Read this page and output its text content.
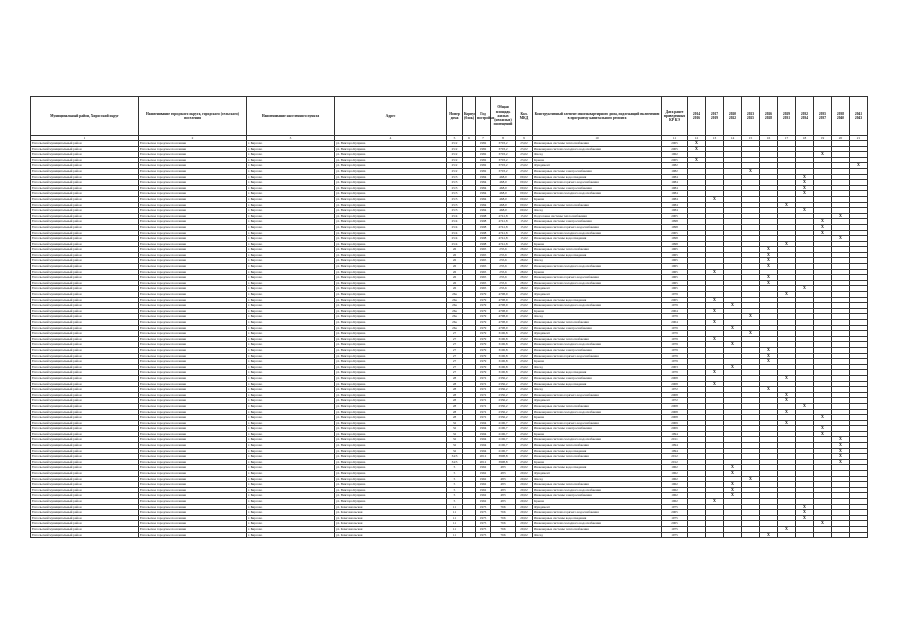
Муниципальный район, Хиросский округ	Наименование городского округа, городского (сельского) поселения	Наименование населенного пункта	Адрес	Номер дома	Корпус (блок)	Год постройки	Общая площадь жилых (нежилых) помещений	Кол. МКД	Конструктивный элемент многоквартирного дома, подлежащий включению в программу капитального ремонта	Дата ранее проведенных КР КЭ	2014 2016	2017 2019	2020 2022	2023 2025	2026 2028	2029 2031	2032 2034	2035 2037	2038 2040	2041 2043
1	2	3	4	5	6	7	8	9	10	11	12	13	14	15	16	17	18	19	20	21
Епсольский муниципальный район	Епсольское городское поселение	г. Бирсово	ул. Виктора Куприна	25/2		1982	3703,2	23,02	Инженерные системы теплоснабжения	2005	X									
Епсольский муниципальный район	Епсольское городское поселение	г. Бирсово	ул. Виктора Куприна	25/2		1982	3703,2	23,02	Инженерная система холодного водоснабжения	2005	X									
Епсольский муниципальный район	Епсольское городское поселение	г. Бирсово	ул. Виктора Куприна	25/2		1982	3703,2	23,02	Фасад	1962								X		
Епсольский муниципальный район	Епсольское городское поселение	г. Бирсово	ул. Виктора Куприна	25/2		1982	3703,2	23,02	Крыша	2005	X									
Епсольский муниципальный район	Епсольское городское поселение	г. Бирсово	ул. Виктора Куприна	25/2		1982	3703,2	23,02	Фундамент	1982										X
Епсольский муниципальный район	Епсольское городское поселение	г. Бирсово	ул. Виктора Куприна	25/2		1982	3703,2	23,02	Инженерные системы электроснабжения	1982				X						
Епсольский муниципальный район	Епсольское городское поселение	г. Бирсово	ул. Виктора Куприна	25/3		1984	468,0	09,02	Инженерные системы водоотведения	1984							X			
Епсольский муниципальный район	Епсольское городское поселение	г. Бирсово	ул. Виктора Куприна	25/3		1984	468,0	09,02	Инженерная система горячего водоснабжения	1984							X			
Епсольский муниципальный район	Епсольское городское поселение	г. Бирсово	ул. Виктора Куприна	25/3		1984	468,0	09,02	Инженерные системы электроснабжения	1984							X			
Епсольский муниципальный район	Епсольское городское поселение	г. Бирсово	ул. Виктора Куприна	25/3		1984	468,0	09,02	Инженерная система холодного водоснабжения	1984							X			
Епсольский муниципальный район	Епсольское городское поселение	г. Бирсово	ул. Виктора Куприна	25/3		1984	468,0	09,02	Крыша	1984		X								
Епсольский муниципальный район	Епсольское городское поселение	г. Бирсово	ул. Виктора Куприна	25/3		1984	468,0	09,02	Инженерные системы теплоснабжения	1984						X				
Епсольский муниципальный район	Епсольское городское поселение	г. Бирсово	ул. Виктора Куприна	25/3		1984	468,0	09,02	Фасад	1984							X			
Епсольский муниципальный район	Епсольское городское поселение	г. Бирсово	ул. Виктора Куприна	25/4		1998	4741,8	15,02	Подготовка системы теплоснабжения	2005									X	
Епсольский муниципальный район	Епсольское городское поселение	г. Бирсово	ул. Виктора Куприна	25/4		1998	4741,8	15,02	Инженерные системы электроснабжения	1998								X		
Епсольский муниципальный район	Епсольское городское поселение	г. Бирсово	ул. Виктора Куприна	25/4		1998	4741,8	15,02	Инженерная система горячего водоснабжения	1998								X		
Епсольский муниципальный район	Епсольское городское поселение	г. Бирсово	ул. Виктора Куприна	25/4		1998	4741,8	15,02	Инженерная система холодного водоснабжения	2005								X		
Епсольский муниципальный район	Епсольское городское поселение	г. Бирсово	ул. Виктора Куприна	25/4		1998	4741,8	15,02	Инженерные системы водоотведения	1998									X	
Епсольский муниципальный район	Епсольское городское поселение	г. Бирсово	ул. Виктора Куприна	25/4		1998	4741,8	15,02	Крыша	1998						X				
Епсольский муниципальный район	Епсольское городское поселение	г. Бирсово	ул. Виктора Куприна	26		1965	235,6	28,02	Инженерные системы теплоснабжения	1965					X					
Епсольский муниципальный район	Епсольское городское поселение	г. Бирсово	ул. Виктора Куприна	26		1965	235,6	28,02	Инженерные системы водоотведения	1965					X					
Епсольский муниципальный район	Епсольское городское поселение	г. Бирсово	ул. Виктора Куприна	26		1965	235,6	28,02	Фасад	1965					X					
Епсольский муниципальный район	Епсольское городское поселение	г. Бирсово	ул. Виктора Куприна	26		1965	235,6	28,02	Инженерная система холодного водоснабжения	1965					X					
Епсольский муниципальный район	Епсольское городское поселение	г. Бирсово	ул. Виктора Куприна	26		1965	235,6	28,02	Крыша	1965		X								
Епсольский муниципальный район	Епсольское городское поселение	г. Бирсово	ул. Виктора Куприна	26		1965	235,6	28,02	Инженерная система горячего водоснабжения	1965					X					
Епсольский муниципальный район	Епсольское городское поселение	г. Бирсово	ул. Виктора Куприна	26		1965	235,6	28,02	Инженерная система холодного водоснабжения	1965					X					
Епсольский муниципальный район	Епсольское городское поселение	г. Бирсово	ул. Виктора Куприна	26		1965	235,6	28,02	Фундамент	1965							X			
Епсольский муниципальный район	Епсольское городское поселение	г. Бирсово	ул. Виктора Куприна	26а		1979	4708,9	23,02	Фундамент	1979						X				
Епсольский муниципальный район	Епсольское городское поселение	г. Бирсово	ул. Виктора Куприна	26а		1979	4708,9	23,02	Инженерные системы водоотведения	2005		X								
Епсольский муниципальный район	Епсольское городское поселение	г. Бирсово	ул. Виктора Куприна	26а		1979	4708,9	23,02	Инженерная система холодного водоснабжения	1979			X							
Епсольский муниципальный район	Епсольское городское поселение	г. Бирсово	ул. Виктора Куприна	26а		1979	4708,9	23,02	Крыша	2004		X								
Епсольский муниципальный район	Епсольское городское поселение	г. Бирсово	ул. Виктора Куприна	26а		1979	4708,9	23,02	Фасад	1979				X						
Епсольский муниципальный район	Епсольское городское поселение	г. Бирсово	ул. Виктора Куприна	26а		1979	4708,9	23,02	Инженерные системы теплоснабжения	2004		X								
Епсольский муниципальный район	Епсольское городское поселение	г. Бирсово	ул. Виктора Куприна	26а		1979	4708,9	23,02	Инженерные системы электроснабжения	1979			X							
Епсольский муниципальный район	Епсольское городское поселение	г. Бирсово	ул. Виктора Куприна	27		1979	3106,8	23,02	Фундамент	1979				X						
Епсольский муниципальный район	Епсольское городское поселение	г. Бирсово	ул. Виктора Куприна	27		1979	3106,8	23,02	Инженерные системы теплоснабжения	1979		X								
Епсольский муниципальный район	Епсольское городское поселение	г. Бирсово	ул. Виктора Куприна	27		1979	3106,8	23,02	Инженерная система холодного водоснабжения	1979			X							
Епсольский муниципальный район	Епсольское городское поселение	г. Бирсово	ул. Виктора Куприна	27		1979	3106,8	23,02	Инженерные системы электроснабжения	1979					X					
Епсольский муниципальный район	Епсольское городское поселение	г. Бирсово	ул. Виктора Куприна	27		1979	3106,8	23,02	Инженерная система горячего водоснабжения	1979					X					
Епсольский муниципальный район	Епсольское городское поселение	г. Бирсово	ул. Виктора Куприна	27		1979	3106,8	23,02	Крыша	1979					X					
Епсольский муниципальный район	Епсольское городское поселение	г. Бирсово	ул. Виктора Куприна	27		1979	3106,8	23,02	Фасад	2003			X							
Епсольский муниципальный район	Епсольское городское поселение	г. Бирсово	ул. Виктора Куприна	27		1979	3106,8	23,02	Инженерные системы водоотведения	1979		X								
Епсольский муниципальный район	Епсольское городское поселение	г. Бирсово	ул. Виктора Куприна	28		1972	2336,2	23,02	Инженерные системы электроснабжения	2008						X				
Епсольский муниципальный район	Епсольское городское поселение	г. Бирсово	ул. Виктора Куприна	28		1972	2336,2	23,02	Инженерные системы водоотведения	2008		X								
Епсольский муниципальный район	Епсольское городское поселение	г. Бирсово	ул. Виктора Куприна	28		1972	2336,2	23,02	Фасад	1972					X					
Епсольский муниципальный район	Епсольское городское поселение	г. Бирсово	ул. Виктора Куприна	28		1972	2336,2	23,02	Инженерная система горячего водоснабжения	2008						X				
Епсольский муниципальный район	Епсольское городское поселение	г. Бирсово	ул. Виктора Куприна	28		1972	2336,2	23,02	Фундамент	1972						X				
Епсольский муниципальный район	Епсольское городское поселение	г. Бирсово	ул. Виктора Куприна	28		1972	2336,2	23,02	Инженерные системы теплоснабжения	2008							X			
Епсольский муниципальный район	Епсольское городское поселение	г. Бирсово	ул. Виктора Куприна	28		1972	2336,2	23,02	Инженерная система холодного водоснабжения	2008						X				
Епсольский муниципальный район	Епсольское городское поселение	г. Бирсово	ул. Виктора Куприна	28		1972	2336,2	23,02	Крыша	2008								X		
Епсольский муниципальный район	Епсольское городское поселение	г. Бирсово	ул. Виктора Куприна	32		1994	2106,7	23,02	Инженерная система горячего водоснабжения	2009						X				
Епсольский муниципальный район	Епсольское городское поселение	г. Бирсово	ул. Виктора Куприна	32		1994	2106,7	23,02	Инженерные системы электроснабжения	2009								X		
Епсольский муниципальный район	Епсольское городское поселение	г. Бирсово	ул. Виктора Куприна	32		1994	2106,7	23,02	Крыша	1994								X		
Епсольский муниципальный район	Епсольское городское поселение	г. Бирсово	ул. Виктора Куприна	32		1994	2106,7	23,02	Инженерная система холодного водоснабжения	2011									X	
Епсольский муниципальный район	Епсольское городское поселение	г. Бирсово	ул. Виктора Куприна	32		1994	2106,7	23,02	Инженерные системы теплоснабжения	1994									X	
Епсольский муниципальный район	Епсольское городское поселение	г. Бирсово	ул. Виктора Куприна	32		1994	2106,7	23,02	Инженерные системы водоотведения	1994									X	
Епсольский муниципальный район	Епсольское городское поселение	г. Бирсово	ул. Виктора Куприна	34/3		2012	3908,8	23,02	Инженерные системы теплоснабжения	2012									X	
Епсольский муниципальный район	Епсольское городское поселение	г. Бирсово	ул. Виктора Куприна	34/3		2012	3908,8	23,02	Крыша	2012									X	
Епсольский муниципальный район	Епсольское городское поселение	г. Бирсово	ул. Виктора Куприна	5		1962	483	29,02	Инженерные системы водоотведения	1962			X							
Епсольский муниципальный район	Епсольское городское поселение	г. Бирсово	ул. Виктора Куприна	5		1962	483	29,02	Фундамент	1962			X							
Епсольский муниципальный район	Епсольское городское поселение	г. Бирсово	ул. Виктора Куприна	5		1962	483	29,02	Фасад	1962				X						
Епсольский муниципальный район	Епсольское городское поселение	г. Бирсово	ул. Виктора Куприна	5		1962	483	29,02	Инженерные системы теплоснабжения	1962			X							
Епсольский муниципальный район	Епсольское городское поселение	г. Бирсово	ул. Виктора Куприна	5		1962	483	29,02	Инженерная система холодного водоснабжения	1962			X							
Епсольский муниципальный район	Епсольское городское поселение	г. Бирсово	ул. Виктора Куприна	5		1962	483	29,02	Инженерные системы электроснабжения	1962			X							
Епсольский муниципальный район	Епсольское городское поселение	г. Бирсово	ул. Виктора Куприна	5		1962	483	29,02	Крыша	1962		X								
Епсольский муниципальный район	Епсольское городское поселение	г. Бирсово	ул. Комсомольская	11		1975	766	29,02	Фундамент	1975							X			
Епсольский муниципальный район	Епсольское городское поселение	г. Бирсово	ул. Комсомольская	11		1975	766	29,02	Инженерная система горячего водоснабжения	2005							X			
Епсольский муниципальный район	Епсольское городское поселение	г. Бирсово	ул. Комсомольская	11		1975	766	29,02	Инженерные системы водоотведения	1975							X			
Епсольский муниципальный район	Епсольское городское поселение	г. Бирсово	ул. Комсомольская	11		1975	766	29,02	Инженерная система холодного водоснабжения	2005								X		
Епсольский муниципальный район	Епсольское городское поселение	г. Бирсово	ул. Комсомольская	11		1975	766	29,02	Инженерные системы теплоснабжения	1975						X				
Епсольский муниципальный район	Епсольское городское поселение	г. Бирсово	ул. Комсомольская	11		1975	766	29,02	Фасад	1975					X					
